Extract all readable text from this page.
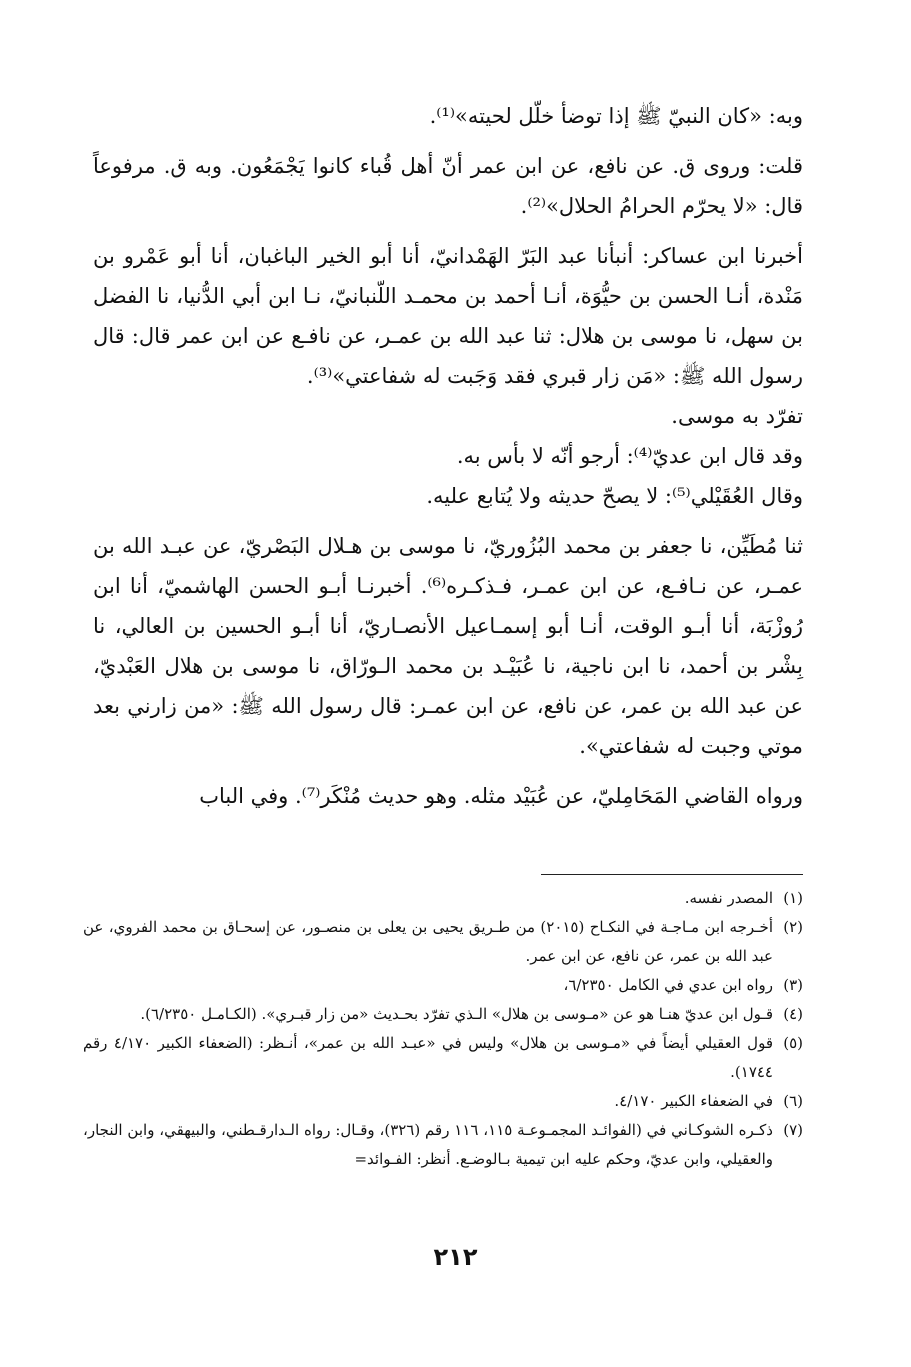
وبه: «كان النبيّ ﷺ إذا توضأ خلّل لحيته»⁽¹⁾.

قلت: وروى ق. عن نافع، عن ابن عمر أنّ أهل قُباء كانوا يَجْمَعُون. وبه ق. مرفوعاً قال: «لا يحرّم الحرامُ الحلال»⁽²⁾.

أخبرنا ابن عساكر: أنبأنا عبد البَرّ الهَمْدانيّ، أنا أبو الخير الباغبان، أنا أبو عَمْرو بن مَنْدة، أنـا الحسن بن حيُّوَة، أنـا أحمد بن محمـد اللّنبانيّ، نـا ابن أبي الدُّنيا، نا الفضل بن سهل، نا موسى بن هلال: ثنا عبد الله بن عمـر، عن نافـع عن ابن عمر قال: قال رسول الله ﷺ: «مَن زار قبري فقد وَجَبت له شفاعتي»⁽³⁾.

تفرّد به موسى.

وقد قال ابن عديّ⁽⁴⁾: أرجو أنّه لا بأس به.

وقال العُقَيْلي⁽⁵⁾: لا يصحّ حديثه ولا يُتابع عليه.

ثنا مُطَيِّن، نا جعفر بن محمد البُزُوريّ، نا موسى بن هـلال البَصْريّ، عن عبـد الله بن عمـر، عن نـافـع، عن ابن عمـر، فـذكـره⁽⁶⁾. أخبرنـا أبـو الحسن الهاشميّ، أنا ابن رُوزْبَة، أنا أبـو الوقت، أنـا أبو إسمـاعيل الأنصـاريّ، أنا أبـو الحسين بن العالي، نا بِشْر بن أحمد، نا ابن ناجية، نا عُبَيْـد بن محمد الـورّاق، نا موسى بن هلال العَبْديّ، عن عبد الله بن عمر، عن نافع، عن ابن عمـر: قال رسول الله ﷺ: «من زارني بعد موتي وجبت له شفاعتي».

ورواه القاضي المَحَامِليّ، عن عُبَيْد مثله. وهو حديث مُنْكَر⁽⁷⁾. وفي الباب

(١)
المصدر نفسه.
(٢)
أخـرجه ابن مـاجـة في النكـاح (٢٠١٥) من طـريق يحيى بن يعلى بن منصـور، عن إسحـاق بن محمد الفروي، عن عبد الله بن عمر، عن نافع، عن ابن عمر.
(٣)
رواه ابن عدي في الكامل ٦/٢٣٥٠،
(٤)
قـول ابن عديّ هنـا هو عن «مـوسى بن هلال» الـذي تفرّد بحـديث «من زار قبـري». (الكـامـل ٦/٢٣٥٠).
(٥)
قول العقيلي أيضاً في «مـوسى بن هلال» وليس في «عبـد الله بن عمر»، أنـظر: (الضعفاء الكبير ٤/١٧٠ رقم ١٧٤٤).
(٦)
في الضعفاء الكبير ٤/١٧٠.
(٧)
ذكـره الشوكـاني في (الفوائـد المجمـوعـة ١١٥، ١١٦ رقم (٣٢٦)، وقـال: رواه الـدارقـطني، والبيهقي، وابن النجار، والعقيلي، وابن عديّ، وحكم عليه ابن تيمية بـالوضـع. أنظر: الفـوائد=
٢١٢
